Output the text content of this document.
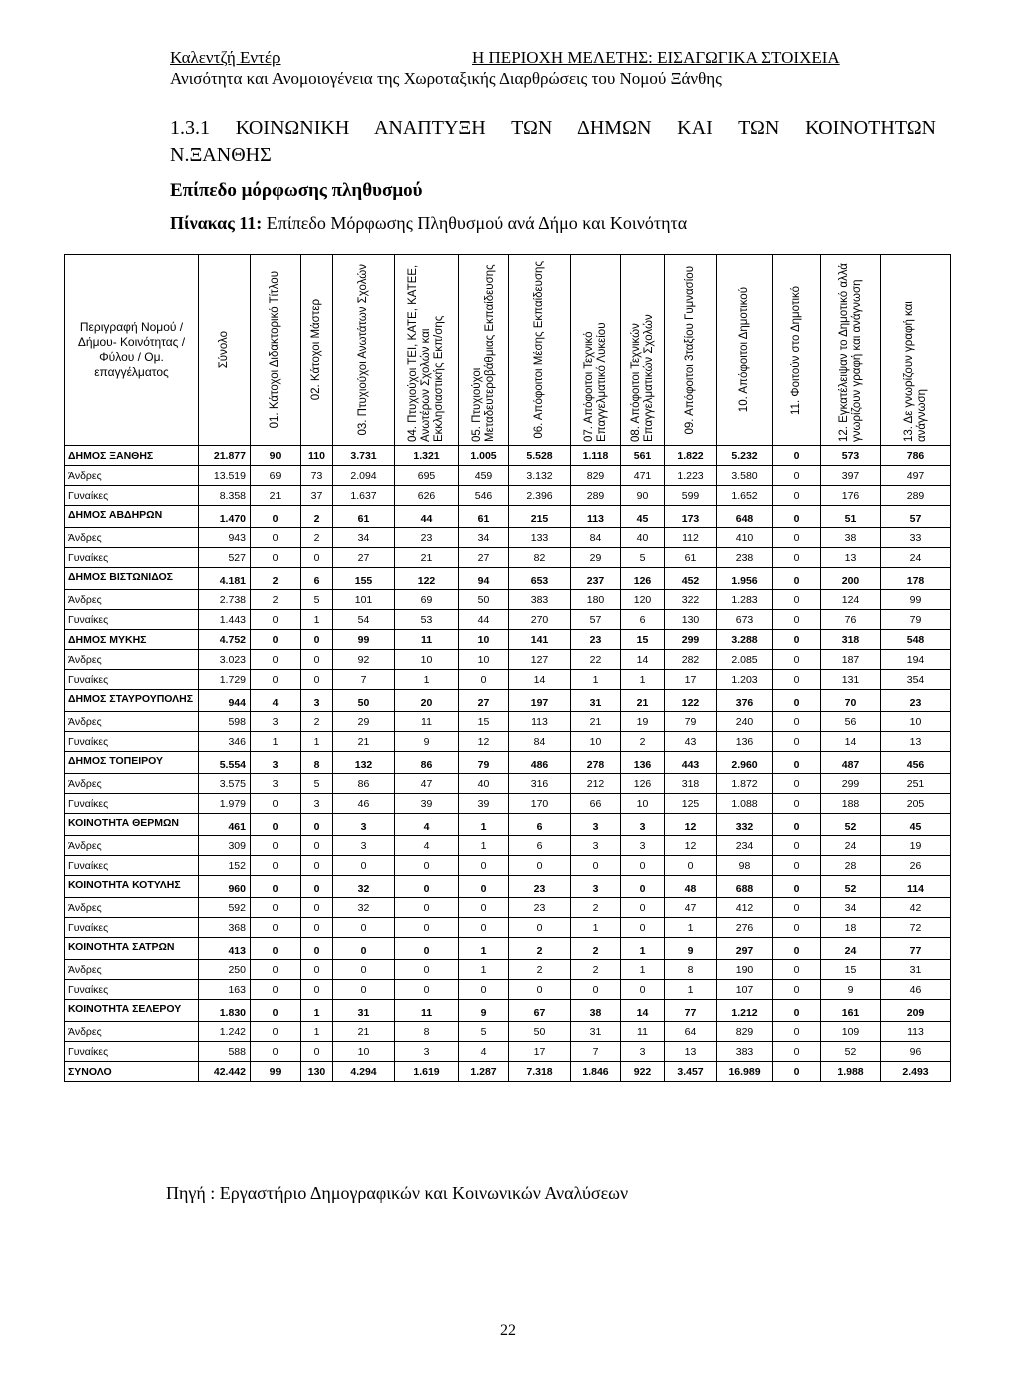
Καλεντζή Εντέρ	Η ΠΕΡΙΟΧΗ ΜΕΛΕΤΗΣ: ΕΙΣΑΓΩΓΙΚΑ ΣΤΟΙΧΕΙΑ
Ανισότητα και Ανομοιογένεια της Χωροταξικής Διαρθρώσεις του Νομού Ξάνθης
1.3.1 ΚΟΙΝΩΝΙΚΗ ΑΝΑΠΤΥΞΗ ΤΩΝ ΔΗΜΩΝ ΚΑΙ ΤΩΝ ΚΟΙΝΟΤΗΤΩΝ
Ν.ΞΑΝΘΗΣ
Επίπεδο μόρφωσης πληθυσμού
Πίνακας 11: Επίπεδο Μόρφωσης Πληθυσμού ανά Δήμο και Κοινότητα
Περιγραφή Νομού / Δήμου- Κοινότητας / Φύλου / Ομ. επαγγέλματος	Σύνολο	01. Κάτοχοι Διδακτορικό Τίτλου	02. Κάτοχοι Μάστερ	03. Πτυχιούχοι Ανωτάτων Σχολών	04. Πτυχιούχοι ΤΕΙ, ΚΑΤΕ, ΚΑΤΕΕ, Ανωτέρων Σχολών και Εκκλησιαστικής Εκπ/σης	05. Πτυχιούχοι Μεταδευτεροβάθμιας Εκπαίδευσης	06. Απόφοιτοι Μέσης Εκπαίδευσης	07. Απόφοιτοι Τεχνικό Επαγγελματικό Λυκείου	08. Απόφοιτοι Τεχνικών Επαγγελματικών Σχολών	09. Απόφοιτοι 3ταξίου Γυμνασίου	10. Απόφοιτοι Δημοτικού	11. Φοιτούν στο Δημοτικό	12. Εγκατέλειψαν το Δημοτικό αλλά γνωρίζουν γραφή και ανάγνωση	13. Δε γνωρίζουν γραφή και ανάγνωση

ΔΗΜΟΣ ΞΑΝΘΗΣ	21.877	90	110	3.731	1.321	1.005	5.528	1.118	561	1.822	5.232	0	573	786
Άνδρες	13.519	69	73	2.094	695	459	3.132	829	471	1.223	3.580	0	397	497
Γυναίκες	8.358	21	37	1.637	626	546	2.396	289	90	599	1.652	0	176	289
ΔΗΜΟΣ ΑΒΔΗΡΩΝ	1.470	0	2	61	44	61	215	113	45	173	648	0	51	57
Άνδρες	943	0	2	34	23	34	133	84	40	112	410	0	38	33
Γυναίκες	527	0	0	27	21	27	82	29	5	61	238	0	13	24
ΔΗΜΟΣ ΒΙΣΤΩΝΙΔΟΣ	4.181	2	6	155	122	94	653	237	126	452	1.956	0	200	178
Άνδρες	2.738	2	5	101	69	50	383	180	120	322	1.283	0	124	99
Γυναίκες	1.443	0	1	54	53	44	270	57	6	130	673	0	76	79
ΔΗΜΟΣ ΜΥΚΗΣ	4.752	0	0	99	11	10	141	23	15	299	3.288	0	318	548
Άνδρες	3.023	0	0	92	10	10	127	22	14	282	2.085	0	187	194
Γυναίκες	1.729	0	0	7	1	0	14	1	1	17	1.203	0	131	354
ΔΗΜΟΣ ΣΤΑΥΡΟΥΠΟΛΗΣ	944	4	3	50	20	27	197	31	21	122	376	0	70	23
Άνδρες	598	3	2	29	11	15	113	21	19	79	240	0	56	10
Γυναίκες	346	1	1	21	9	12	84	10	2	43	136	0	14	13
ΔΗΜΟΣ ΤΟΠΕΙΡΟΥ	5.554	3	8	132	86	79	486	278	136	443	2.960	0	487	456
Άνδρες	3.575	3	5	86	47	40	316	212	126	318	1.872	0	299	251
Γυναίκες	1.979	0	3	46	39	39	170	66	10	125	1.088	0	188	205
ΚΟΙΝΟΤΗΤΑ ΘΕΡΜΩΝ	461	0	0	3	4	1	6	3	3	12	332	0	52	45
Άνδρες	309	0	0	3	4	1	6	3	3	12	234	0	24	19
Γυναίκες	152	0	0	0	0	0	0	0	0	0	98	0	28	26
ΚΟΙΝΟΤΗΤΑ ΚΟΤΥΛΗΣ	960	0	0	32	0	0	23	3	0	48	688	0	52	114
Άνδρες	592	0	0	32	0	0	23	2	0	47	412	0	34	42
Γυναίκες	368	0	0	0	0	0	0	1	0	1	276	0	18	72
ΚΟΙΝΟΤΗΤΑ ΣΑΤΡΩΝ	413	0	0	0	0	1	2	2	1	9	297	0	24	77
Άνδρες	250	0	0	0	0	1	2	2	1	8	190	0	15	31
Γυναίκες	163	0	0	0	0	0	0	0	0	1	107	0	9	46
ΚΟΙΝΟΤΗΤΑ ΣΕΛΕΡΟΥ	1.830	0	1	31	11	9	67	38	14	77	1.212	0	161	209
Άνδρες	1.242	0	1	21	8	5	50	31	11	64	829	0	109	113
Γυναίκες	588	0	0	10	3	4	17	7	3	13	383	0	52	96
ΣΥΝΟΛΟ	42.442	99	130	4.294	1.619	1.287	7.318	1.846	922	3.457	16.989	0	1.988	2.493
Πηγή : Εργαστήριο Δημογραφικών και Κοινωνικών Αναλύσεων
22
